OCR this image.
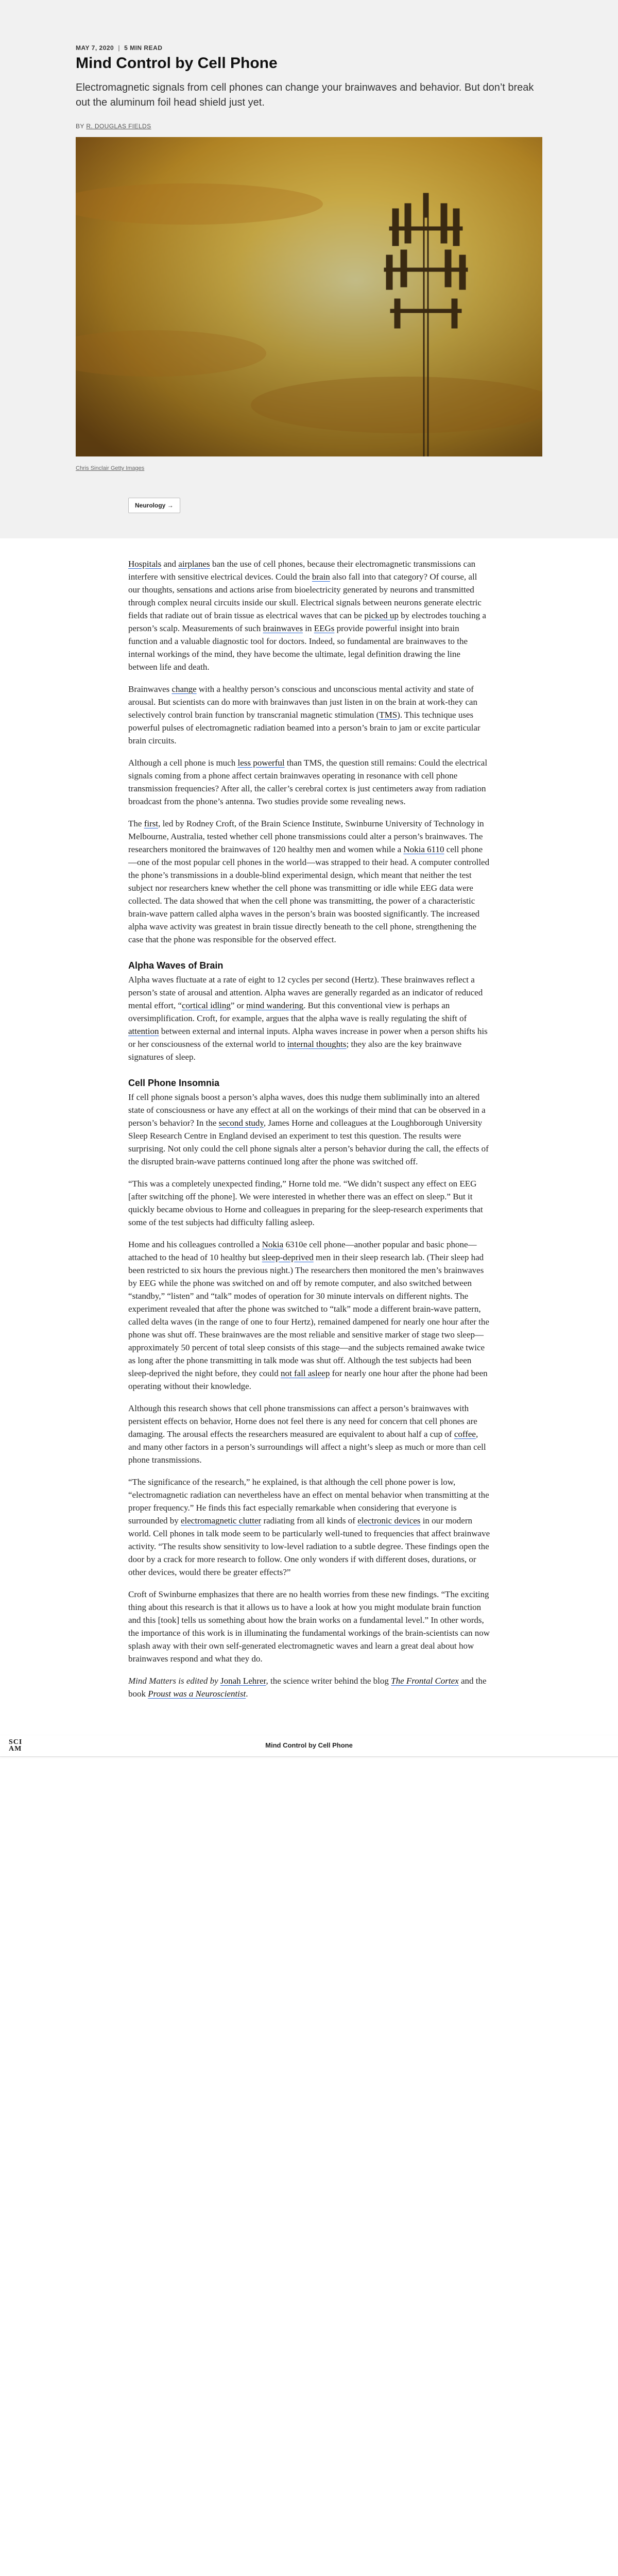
MAY 7, 2020 | 5 MIN READ
Mind Control by Cell Phone

Electromagnetic signals from cell phones can change your brainwaves and behavior. But don’t break out the aluminum foil head shield just yet.

BY R. DOUGLAS FIELDS
Chris Sinclair Getty Images
Neurology →

Hospitals and airplanes ban the use of cell phones, because their electromagnetic transmissions can interfere with sensitive electrical devices. Could the brain also fall into that category? Of course, all our thoughts, sensations and actions arise from bioelectricity generated by neurons and transmitted through complex neural circuits inside our skull. Electrical signals between neurons generate electric fields that radiate out of brain tissue as electrical waves that can be picked up by electrodes touching a person’s scalp. Measurements of such brainwaves in EEGs provide powerful insight into brain function and a valuable diagnostic tool for doctors. Indeed, so fundamental are brainwaves to the internal workings of the mind, they have become the ultimate, legal definition drawing the line between life and death.

Brainwaves change with a healthy person’s conscious and unconscious mental activity and state of arousal. But scientists can do more with brainwaves than just listen in on the brain at work-they can selectively control brain function by transcranial magnetic stimulation (TMS). This technique uses powerful pulses of electromagnetic radiation beamed into a person’s brain to jam or excite particular brain circuits.

Although a cell phone is much less powerful than TMS, the question still remains: Could the electrical signals coming from a phone affect certain brainwaves operating in resonance with cell phone transmission frequencies? After all, the caller’s cerebral cortex is just centimeters away from radiation broadcast from the phone’s antenna. Two studies provide some revealing news.

The first, led by Rodney Croft, of the Brain Science Institute, Swinburne University of Technology in Melbourne, Australia, tested whether cell phone transmissions could alter a person’s brainwaves. The researchers monitored the brainwaves of 120 healthy men and women while a Nokia 6110 cell phone—one of the most popular cell phones in the world—was strapped to their head. A computer controlled the phone’s transmissions in a double-blind experimental design, which meant that neither the test subject nor researchers knew whether the cell phone was transmitting or idle while EEG data were collected. The data showed that when the cell phone was transmitting, the power of a characteristic brain-wave pattern called alpha waves in the person’s brain was boosted significantly. The increased alpha wave activity was greatest in brain tissue directly beneath to the cell phone, strengthening the case that the phone was responsible for the observed effect.

Alpha Waves of Brain

Alpha waves fluctuate at a rate of eight to 12 cycles per second (Hertz). These brainwaves reflect a person’s state of arousal and attention. Alpha waves are generally regarded as an indicator of reduced mental effort, “cortical idling” or mind wandering. But this conventional view is perhaps an oversimplification. Croft, for example, argues that the alpha wave is really regulating the shift of attention between external and internal inputs. Alpha waves increase in power when a person shifts his or her consciousness of the external world to internal thoughts; they also are the key brainwave signatures of sleep.

Cell Phone Insomnia

If cell phone signals boost a person’s alpha waves, does this nudge them subliminally into an altered state of consciousness or have any effect at all on the workings of their mind that can be observed in a person’s behavior? In the second study, James Horne and colleagues at the Loughborough University Sleep Research Centre in England devised an experiment to test this question. The results were surprising. Not only could the cell phone signals alter a person’s behavior during the call, the effects of the disrupted brain-wave patterns continued long after the phone was switched off.

“This was a completely unexpected finding,” Horne told me. “We didn’t suspect any effect on EEG [after switching off the phone]. We were interested in whether there was an effect on sleep.” But it quickly became obvious to Horne and colleagues in preparing for the sleep-research experiments that some of the test subjects had difficulty falling asleep.

Home and his colleagues controlled a Nokia 6310e cell phone—another popular and basic phone—attached to the head of 10 healthy but sleep-deprived men in their sleep research lab. (Their sleep had been restricted to six hours the previous night.) The researchers then monitored the men’s brainwaves by EEG while the phone was switched on and off by remote computer, and also switched between “standby,” “listen” and “talk” modes of operation for 30 minute intervals on different nights. The experiment revealed that after the phone was switched to “talk” mode a different brain-wave pattern, called delta waves (in the range of one to four Hertz), remained dampened for nearly one hour after the phone was shut off. These brainwaves are the most reliable and sensitive marker of stage two sleep—approximately 50 percent of total sleep consists of this stage—and the subjects remained awake twice as long after the phone transmitting in talk mode was shut off. Although the test subjects had been sleep-deprived the night before, they could not fall asleep for nearly one hour after the phone had been operating without their knowledge.

Although this research shows that cell phone transmissions can affect a person’s brainwaves with persistent effects on behavior, Horne does not feel there is any need for concern that cell phones are damaging. The arousal effects the researchers measured are equivalent to about half a cup of coffee, and many other factors in a person’s surroundings will affect a night’s sleep as much or more than cell phone transmissions.

“The significance of the research,” he explained, is that although the cell phone power is low, “electromagnetic radiation can nevertheless have an effect on mental behavior when transmitting at the proper frequency.” He finds this fact especially remarkable when considering that everyone is surrounded by electromagnetic clutter radiating from all kinds of electronic devices in our modern world. Cell phones in talk mode seem to be particularly well-tuned to frequencies that affect brainwave activity. “The results show sensitivity to low-level radiation to a subtle degree. These findings open the door by a crack for more research to follow. One only wonders if with different doses, durations, or other devices, would there be greater effects?”

Croft of Swinburne emphasizes that there are no health worries from these new findings. “The exciting thing about this research is that it allows us to have a look at how you might modulate brain function and this [took] tells us something about how the brain works on a fundamental level.” In other words, the importance of this work is in illuminating the fundamental workings of the brain-scientists can now splash away with their own self-generated electromagnetic waves and learn a great deal about how brainwaves respond and what they do.

Mind Matters is edited by Jonah Lehrer, the science writer behind the blog The Frontal Cortex and the book Proust was a Neuroscientist.

SCI
AM	Mind Control by Cell Phone
